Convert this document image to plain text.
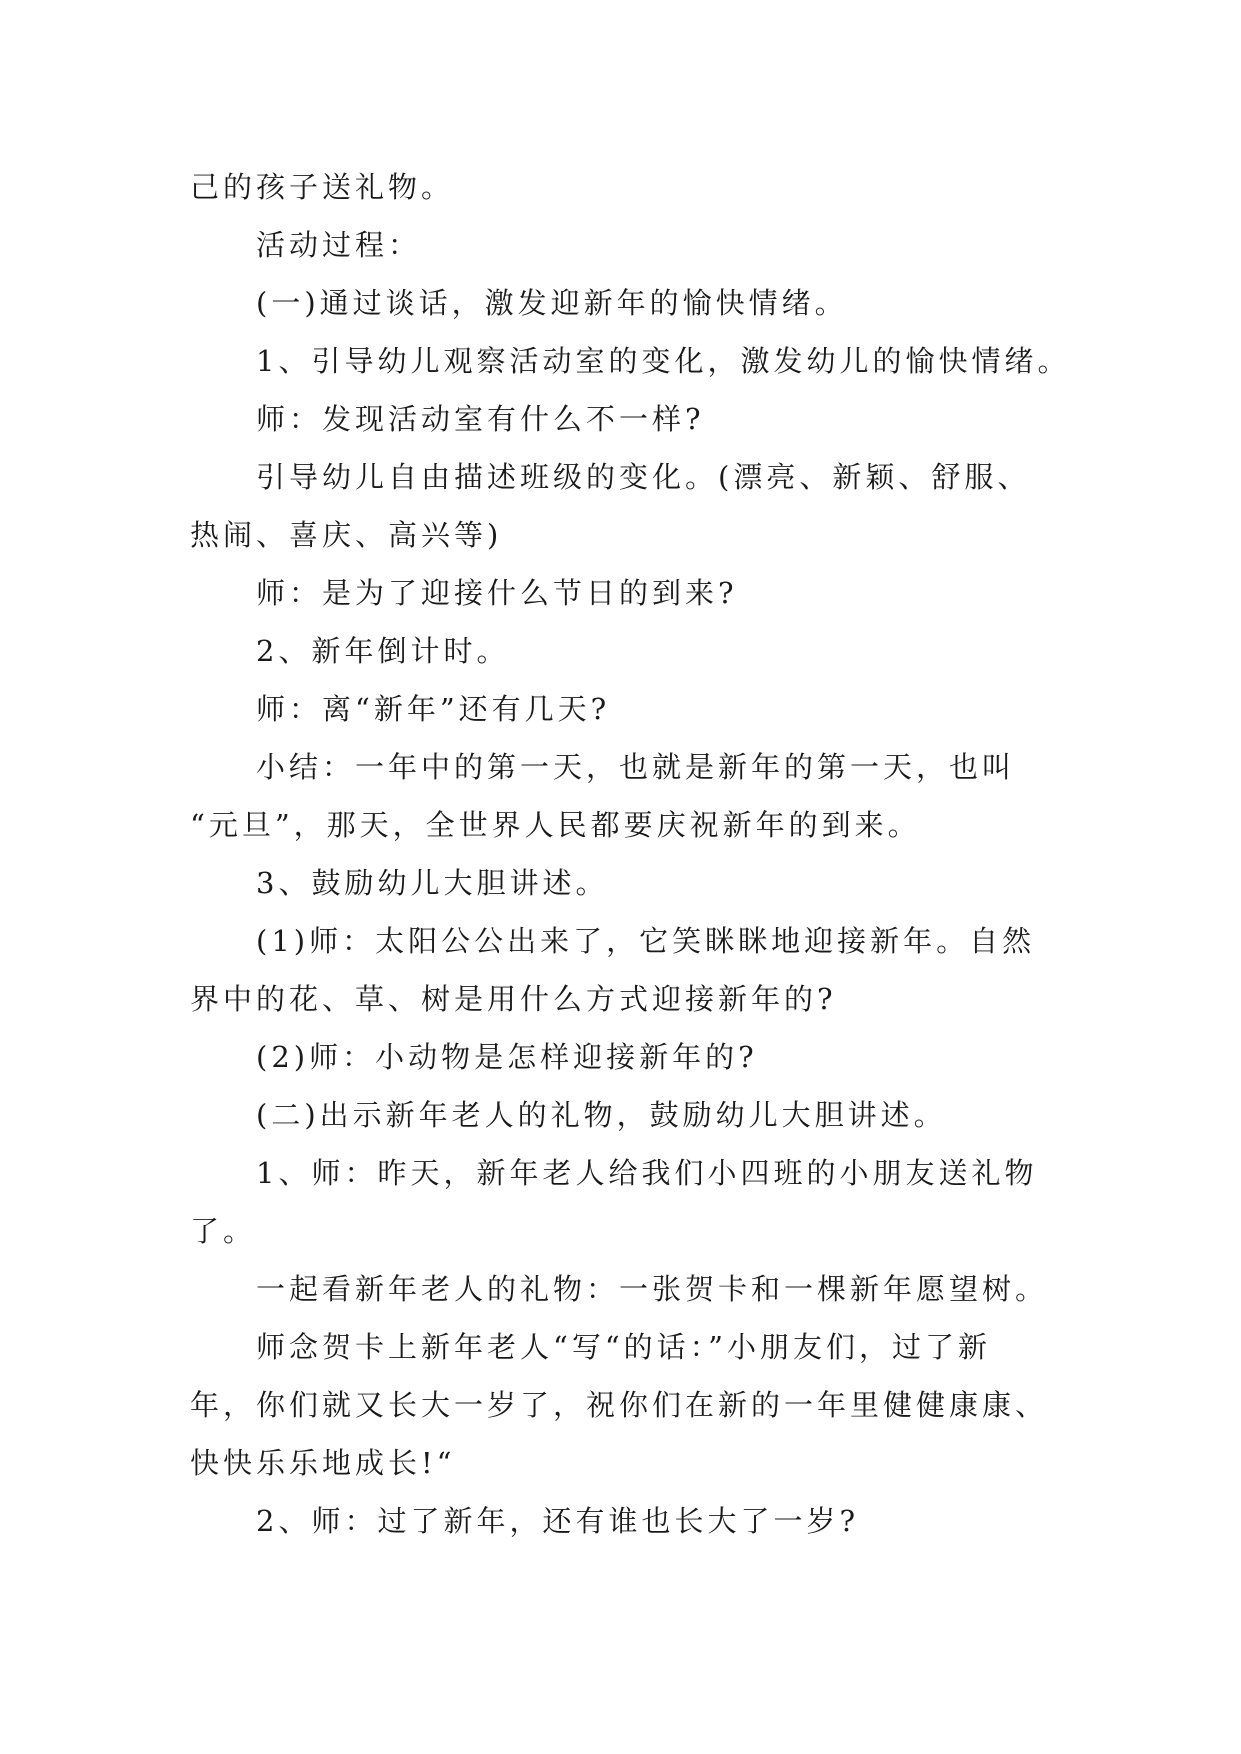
己的孩子送礼物。
活动过程：
(一)通过谈话，激发迎新年的愉快情绪。
1、引导幼儿观察活动室的变化，激发幼儿的愉快情绪。
师：发现活动室有什么不一样?
引导幼儿自由描述班级的变化。(漂亮、新颖、舒服、
热闹、喜庆、高兴等)
师：是为了迎接什么节日的到来?
2、新年倒计时。
师：离“新年”还有几天?
小结：一年中的第一天，也就是新年的第一天，也叫
“元旦”，那天，全世界人民都要庆祝新年的到来。
3、鼓励幼儿大胆讲述。
(1)师：太阳公公出来了，它笑眯眯地迎接新年。自然
界中的花、草、树是用什么方式迎接新年的?
(2)师：小动物是怎样迎接新年的?
(二)出示新年老人的礼物，鼓励幼儿大胆讲述。
1、师：昨天，新年老人给我们小四班的小朋友送礼物
了。
一起看新年老人的礼物：一张贺卡和一棵新年愿望树。
师念贺卡上新年老人“写“的话：”小朋友们，过了新
年，你们就又长大一岁了，祝你们在新的一年里健健康康、
快快乐乐地成长!“
2、师：过了新年，还有谁也长大了一岁?
